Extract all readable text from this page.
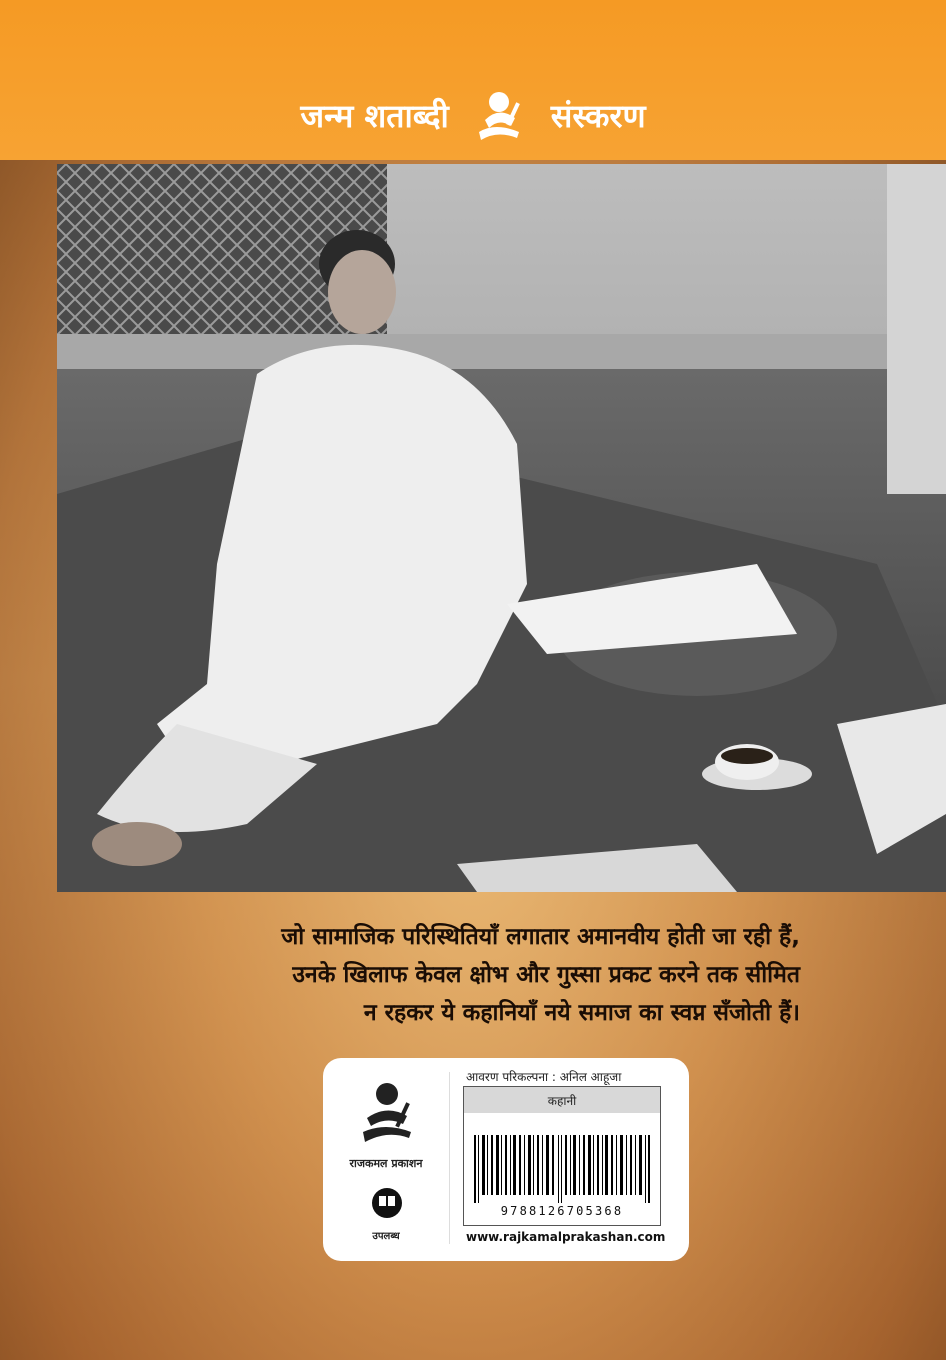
जन्म शताब्दी	संस्करण
जो सामाजिक परिस्थितियाँ लगातार अमानवीय होती जा रही हैं,
उनके खिलाफ केवल क्षोभ और गुस्सा प्रकट करने तक सीमित
न रहकर ये कहानियाँ नये समाज का स्वप्न सँजोती हैं।
राजकमल प्रकाशन
उपलब्ध
आवरण परिकल्पना : अनिल आहूजा
कहानी
9788126705368
www.rajkamalprakashan.com
